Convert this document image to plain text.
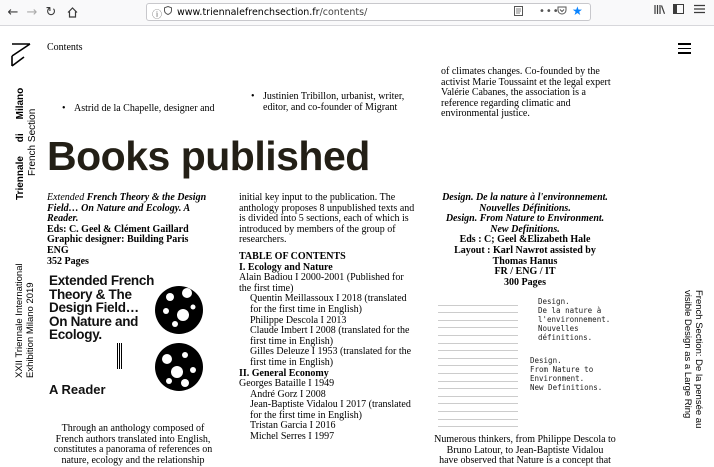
← → ↻	ⓘ www.triennalefrenchsection.fr/contents/	••• ★
Contents
Triennale     di     Milano
French Section
XXII Triennale International Exhibition Milano 2019	French Section: De la pensée au visible Design as a Large Ring
• Astrid de la Chapelle, designer and
• Justinien Tribillon, urbanist, writer,
editor, and co-founder of Migrant

of climates changes. Co-founded by the

activist Marie Toussaint et the legal expert

Valérie Cabanes, the association is a

reference regarding climatic and

environmental justice.

Books published

Extended French Theory & the Design Field… On Nature and Ecology. A Reader.

Eds: C. Geel & Clément Gaillard

Graphic designer: Building Paris

ENG

352 Pages

Extended French Theory & The Design Field… On Nature and Ecology.
A Reader
Through an anthology composed of French authors translated into English, constitutes a panorama of references on nature, ecology and the relationship

initial key input to the publication. The anthology proposes 8 unpublished texts and is divided into 5 sections, each of which is introduced by members of the group of researchers.

TABLE OF CONTENTS

I. Ecology and Nature

Alain Badiou I 2000-2001 (Published for the first time)

Quentin Meillassoux I 2018 (translated for the first time in English)

Philippe Descola I 2013

Claude Imbert I 2008 (translated for the first time in English)

Gilles Deleuze I 1953 (translated for the first time in English)

II. General Economy

Georges Bataille I 1949

André Gorz I 2008

Jean-Baptiste Vidalou I 2017 (translated for the first time in English)

Tristan Garcia I 2016

Michel Serres I 1997

Design. De la nature à l'environnement.

Nouvelles Définitions.

Design. From Nature to Environment.

New Definitions.

Eds : C; Geel &Elizabeth Hale

Layout : Karl Nawrot assisted by

Thomas Hanus

FR / ENG / IT

300 Pages

Design.
De la nature à
l'environnement.
Nouvelles
définitions.
Design.
From Nature to
Environment.
New Definitions.

Numerous thinkers, from Philippe Descola to

Bruno Latour, to Jean-Baptiste Vidalou

have observed that Nature is a concept that
